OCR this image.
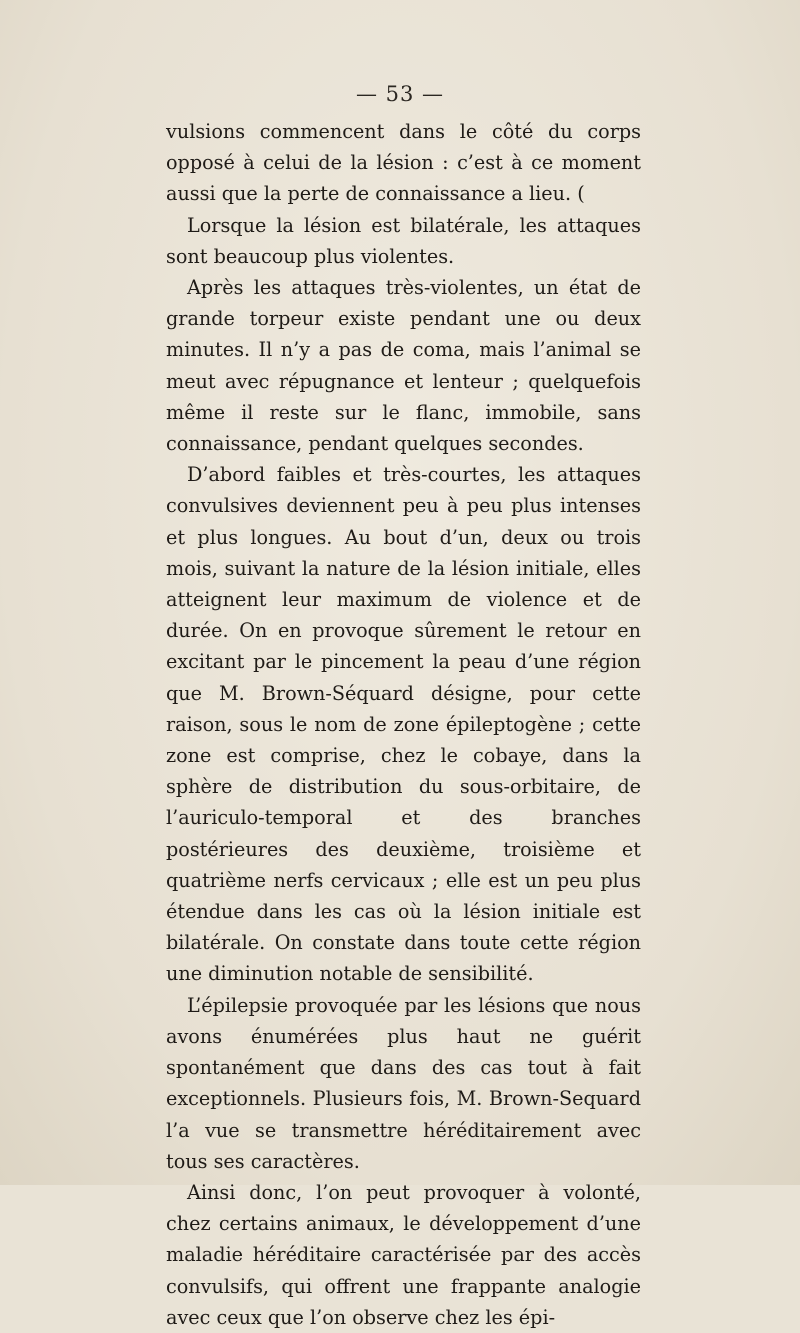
— 53 —

vulsions commencent dans le côté du corps opposé à celui de la lésion : c’est à ce moment aussi que la perte de connaissance a lieu. (

Lorsque la lésion est bilatérale, les attaques sont beaucoup plus violentes.

Après les attaques très-violentes, un état de grande torpeur existe pendant une ou deux minutes. Il n’y a pas de coma, mais l’animal se meut avec répugnance et lenteur ; quelquefois même il reste sur le flanc, immobile, sans connaissance, pendant quelques secondes.

D’abord faibles et très-courtes, les attaques convulsives deviennent peu à peu plus intenses et plus longues. Au bout d’un, deux ou trois mois, suivant la nature de la lésion initiale, elles atteignent leur maximum de violence et de durée. On en provoque sûrement le retour en excitant par le pincement la peau d’une région que M. Brown-Séquard désigne, pour cette raison, sous le nom de zone épileptogène ; cette zone est comprise, chez le cobaye, dans la sphère de distribution du sous-orbitaire, de l’auriculo-temporal et des branches postérieures des deuxième, troisième et quatrième nerfs cervicaux ; elle est un peu plus étendue dans les cas où la lésion initiale est bilatérale. On constate dans toute cette région une diminution notable de sensibilité.

L’épilepsie provoquée par les lésions que nous avons énumérées plus haut ne guérit spontanément que dans des cas tout à fait exceptionnels. Plusieurs fois, M. Brown-Sequard l’a vue se transmettre héréditairement avec tous ses caractères.

Ainsi donc, l’on peut provoquer à volonté, chez certains animaux, le développement d’une maladie héréditaire caractérisée par des accès convulsifs, qui offrent une frappante analogie avec ceux que l’on observe chez les épi-
